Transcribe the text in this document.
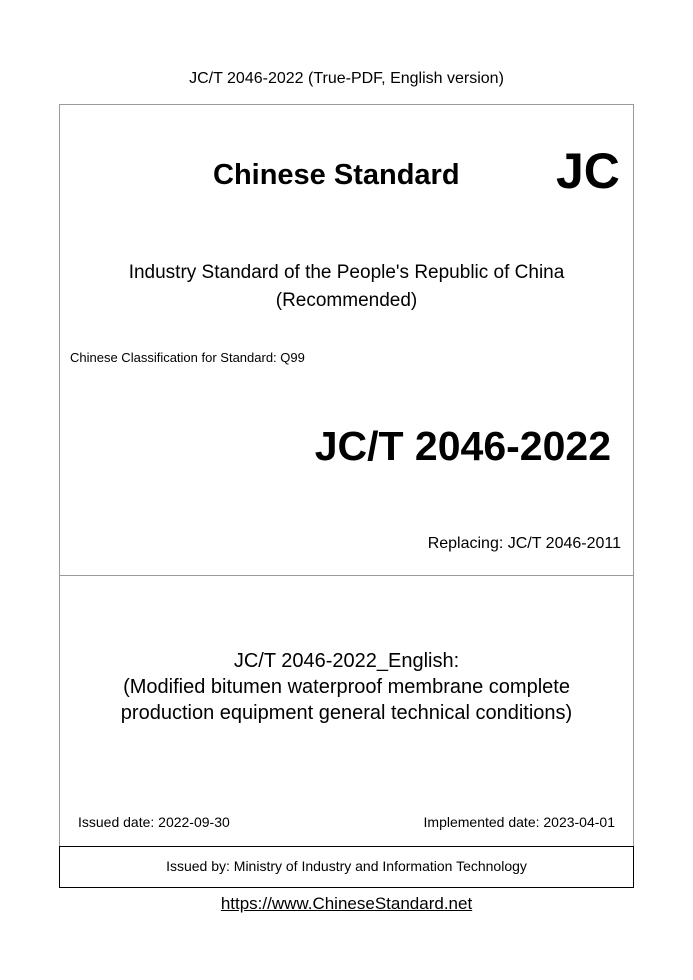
JC/T 2046-2022 (True-PDF, English version)
Chinese Standard JC
Industry Standard of the People's Republic of China
(Recommended)
Chinese Classification for Standard: Q99
JC/T 2046-2022
Replacing: JC/T 2046-2011
JC/T 2046-2022_English:
(Modified bitumen waterproof membrane complete
production equipment general technical conditions)
Issued date: 2022-09-30	Implemented date: 2023-04-01
Issued by: Ministry of Industry and Information Technology
https://www.ChineseStandard.net
